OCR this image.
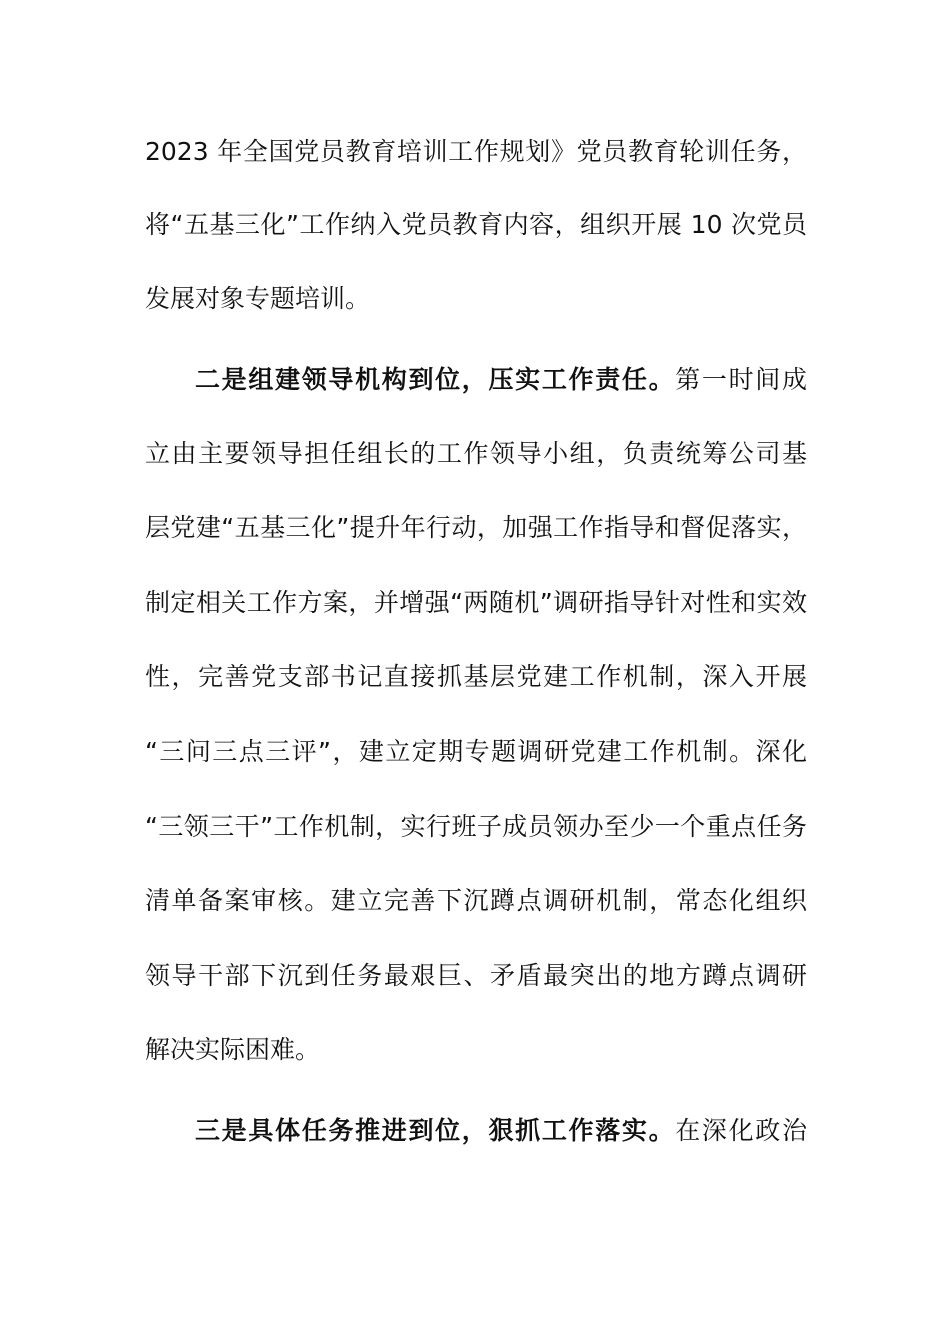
2023 年全国党员教育培训工作规划》党员教育轮训任务，
将“五基三化”工作纳入党员教育内容，组织开展 10 次党员
发展对象专题培训。
二是组建领导机构到位，压实工作责任。第一时间成
立由主要领导担任组长的工作领导小组，负责统筹公司基
层党建“五基三化”提升年行动，加强工作指导和督促落实，
制定相关工作方案，并增强“两随机”调研指导针对性和实效
性，完善党支部书记直接抓基层党建工作机制，深入开展
“三问三点三评”，建立定期专题调研党建工作机制。深化
“三领三干”工作机制，实行班子成员领办至少一个重点任务
清单备案审核。建立完善下沉蹲点调研机制，常态化组织
领导干部下沉到任务最艰巨、矛盾最突出的地方蹲点调研
解决实际困难。
三是具体任务推进到位，狠抓工作落实。在深化政治
